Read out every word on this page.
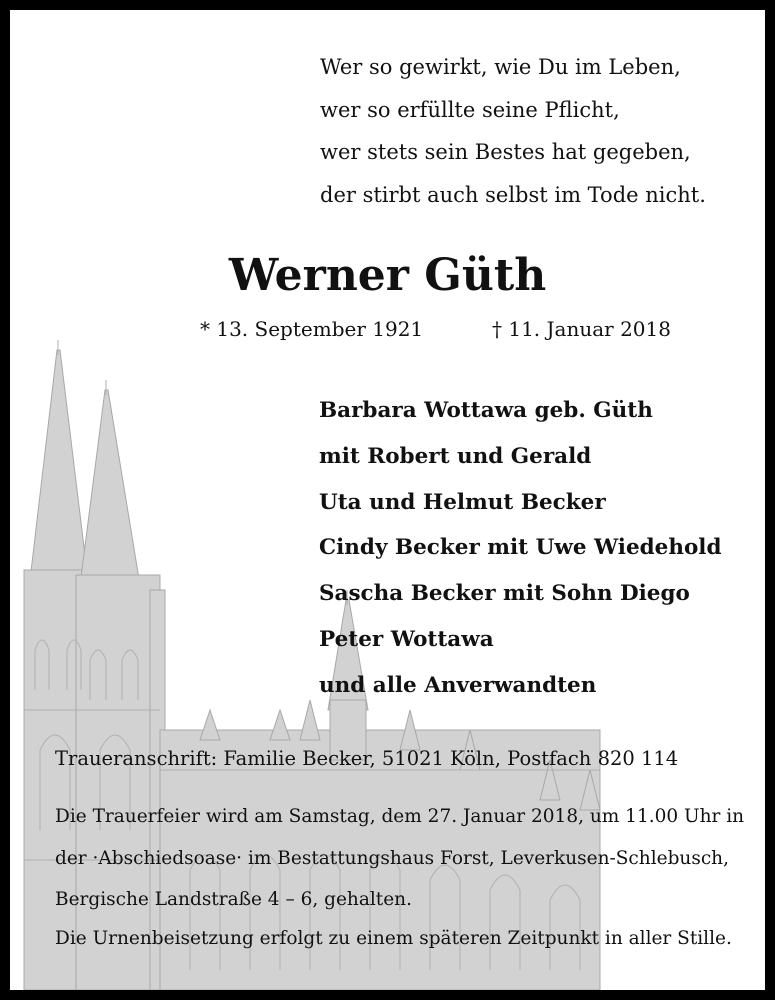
Wer so gewirkt, wie Du im Leben,
wer so erfüllte seine Pflicht,
wer stets sein Bestes hat gegeben,
der stirbt auch selbst im Tode nicht.
Werner Güth
* 13. September 1921	† 11. Januar 2018
Barbara Wottawa geb. Güth
mit Robert und Gerald
Uta und Helmut Becker
Cindy Becker mit Uwe Wiedehold
Sascha Becker mit Sohn Diego
Peter Wottawa
und alle Anverwandten
Traueranschrift: Familie Becker, 51021 Köln, Postfach 820 114
Die Trauerfeier wird am Samstag, dem 27. Januar 2018, um 11.00 Uhr in
der ·Abschiedsoase· im Bestattungshaus Forst, Leverkusen-Schlebusch,
Bergische Landstraße 4 – 6, gehalten.
Die Urnenbeisetzung erfolgt zu einem späteren Zeitpunkt in aller Stille.
